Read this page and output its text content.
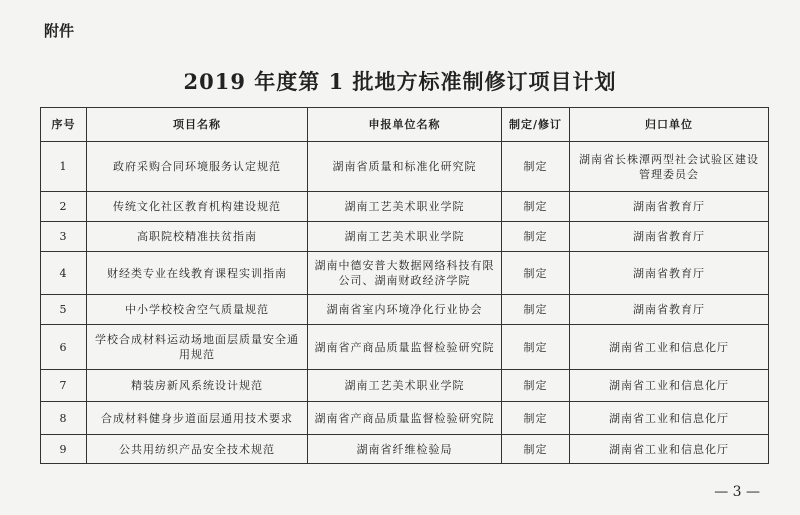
附件
2019 年度第 1 批地方标准制修订项目计划
序号	项目名称	申报单位名称	制定/修订	归口单位
1	政府采购合同环境服务认定规范	湖南省质量和标准化研究院	制定	湖南省长株潭两型社会试验区建设管理委员会
2	传统文化社区教育机构建设规范	湖南工艺美术职业学院	制定	湖南省教育厅
3	高职院校精准扶贫指南	湖南工艺美术职业学院	制定	湖南省教育厅
4	财经类专业在线教育课程实训指南	湖南中德安普大数据网络科技有限公司、湖南财政经济学院	制定	湖南省教育厅
5	中小学校校舍空气质量规范	湖南省室内环境净化行业协会	制定	湖南省教育厅
6	学校合成材料运动场地面层质量安全通用规范	湖南省产商品质量监督检验研究院	制定	湖南省工业和信息化厅
7	精装房新风系统设计规范	湖南工艺美术职业学院	制定	湖南省工业和信息化厅
8	合成材料健身步道面层通用技术要求	湖南省产商品质量监督检验研究院	制定	湖南省工业和信息化厅
9	公共用纺织产品安全技术规范	湖南省纤维检验局	制定	湖南省工业和信息化厅
— 3 —
